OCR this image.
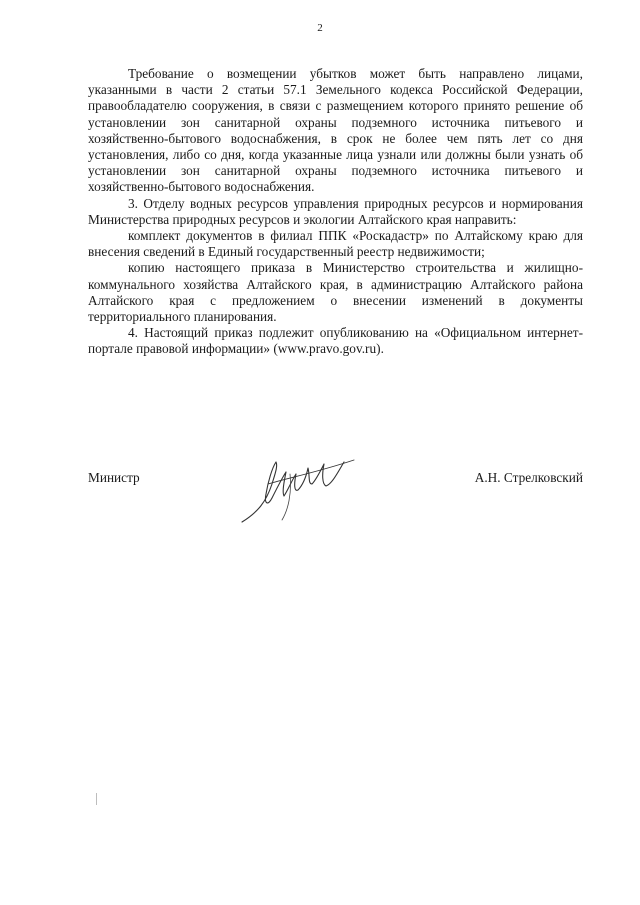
2

Требование о возмещении убытков может быть направлено лицами, указанными в части 2 статьи 57.1 Земельного кодекса Российской Федерации, правообладателю сооружения, в связи с размещением которого принято решение об установлении зон санитарной охраны подземного источника питьевого и хозяйственно-бытового водоснабжения, в срок не более чем пять лет со дня установления, либо со дня, когда указанные лица узнали или должны были узнать об установлении зон санитарной охраны подземного источника питьевого и хозяйственно-бытового водоснабжения.

3. Отделу водных ресурсов управления природных ресурсов и нормирования Министерства природных ресурсов и экологии Алтайского края направить:

комплект документов в филиал ППК «Роскадастр» по Алтайскому краю для внесения сведений в Единый государственный реестр недвижимости;

копию настоящего приказа в Министерство строительства и жилищно-коммунального хозяйства Алтайского края, в администрацию Алтайского района Алтайского края с предложением о внесении изменений в документы территориального планирования.

4. Настоящий приказ подлежит опубликованию на «Официальном интернет-портале правовой информации» (www.pravo.gov.ru).

Министр	А.Н. Стрелковский
